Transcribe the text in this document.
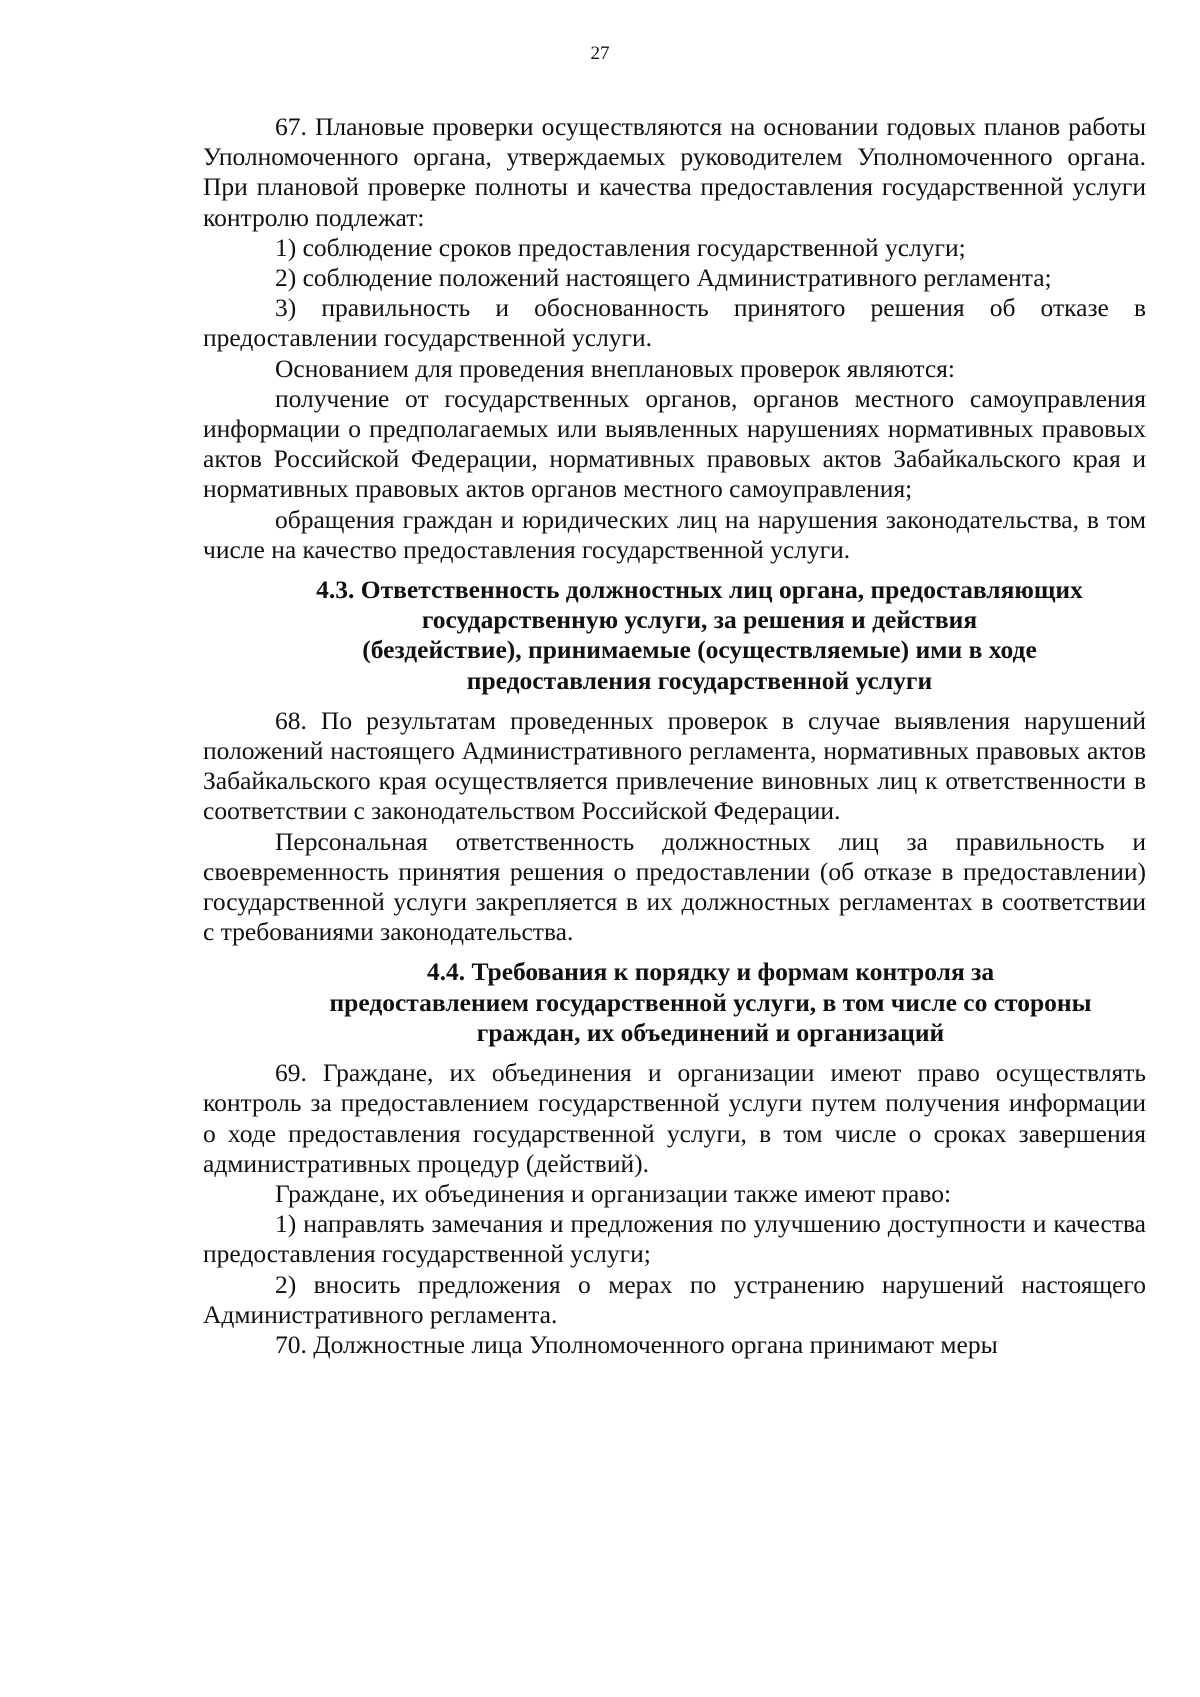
27

67. Плановые проверки осуществляются на основании годовых планов работы Уполномоченного органа, утверждаемых руководителем Уполномоченного органа. При плановой проверке полноты и качества предоставления государственной услуги контролю подлежат:

1) соблюдение сроков предоставления государственной услуги;

2) соблюдение положений настоящего Административного регламента;

3) правильность и обоснованность принятого решения об отказе в предоставлении государственной услуги.

Основанием для проведения внеплановых проверок являются:

получение от государственных органов, органов местного самоуправления информации о предполагаемых или выявленных нарушениях нормативных правовых актов Российской Федерации, нормативных правовых актов Забайкальского края и нормативных правовых актов органов местного самоуправления;

обращения граждан и юридических лиц на нарушения законодательства, в том числе на качество предоставления государственной услуги.

4.3. Ответственность должностных лиц органа, предоставляющих
государственную услуги, за решения и действия
(бездействие), принимаемые (осуществляемые) ими в ходе
предоставления государственной услуги

68. По результатам проведенных проверок в случае выявления нарушений положений настоящего Административного регламента, нормативных правовых актов Забайкальского края осуществляется привлечение виновных лиц к ответственности в соответствии с законодательством Российской Федерации.

Персональная ответственность должностных лиц за правильность и своевременность принятия решения о предоставлении (об отказе в предоставлении) государственной услуги закрепляется в их должностных регламентах в соответствии с требованиями законодательства.

4.4. Требования к порядку и формам контроля за
предоставлением государственной услуги, в том числе со стороны
граждан, их объединений и организаций

69. Граждане, их объединения и организации имеют право осуществлять контроль за предоставлением государственной услуги путем получения информации о ходе предоставления государственной услуги, в том числе о сроках завершения административных процедур (действий).

Граждане, их объединения и организации также имеют право:

1) направлять замечания и предложения по улучшению доступности и качества предоставления государственной услуги;

2) вносить предложения о мерах по устранению нарушений настоящего Административного регламента.

70. Должностные лица Уполномоченного органа принимают меры
